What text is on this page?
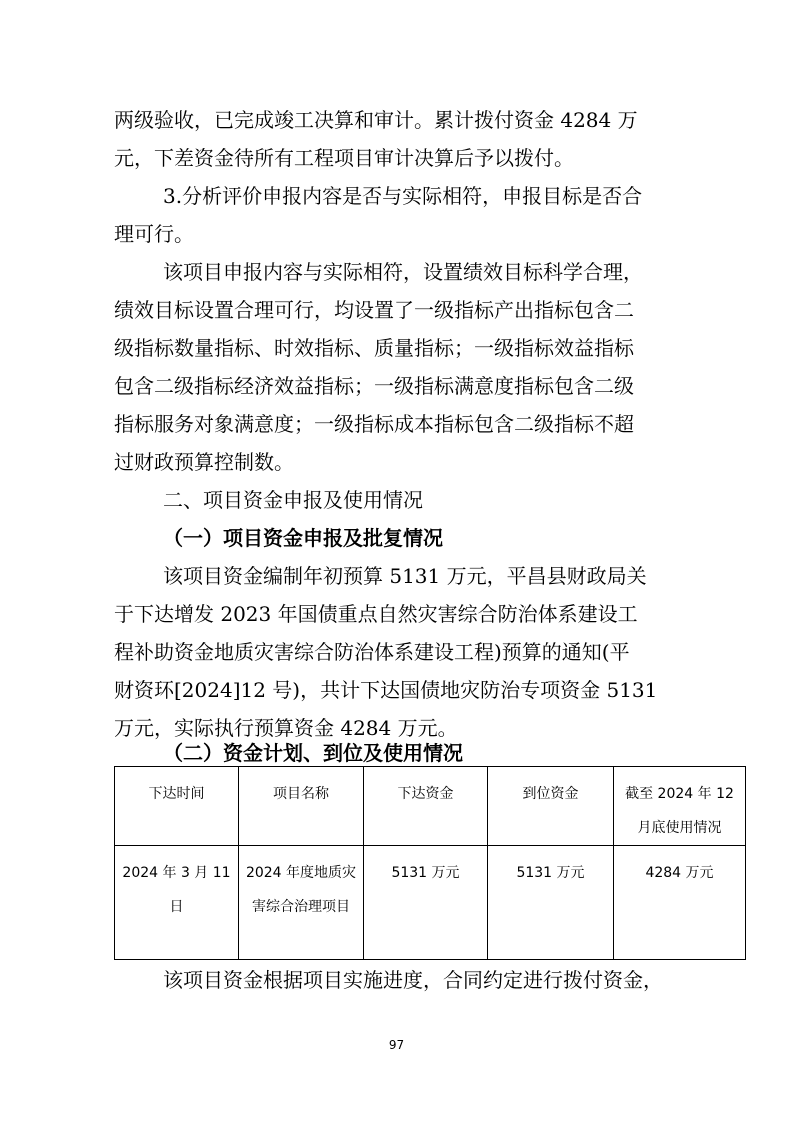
两级验收，已完成竣工决算和审计。累计拨付资金 4284 万
元，下差资金待所有工程项目审计决算后予以拨付。
3.分析评价申报内容是否与实际相符，申报目标是否合
理可行。
该项目申报内容与实际相符，设置绩效目标科学合理，
绩效目标设置合理可行，均设置了一级指标产出指标包含二
级指标数量指标、时效指标、质量指标；一级指标效益指标
包含二级指标经济效益指标；一级指标满意度指标包含二级
指标服务对象满意度；一级指标成本指标包含二级指标不超
过财政预算控制数。
二、项目资金申报及使用情况
（一）项目资金申报及批复情况
该项目资金编制年初预算 5131 万元，平昌县财政局关
于下达增发 2023 年国债重点自然灾害综合防治体系建设工
程补助资金地质灾害综合防治体系建设工程)预算的通知(平
财资环[2024]12 号)，共计下达国债地灾防治专项资金 5131
万元，实际执行预算资金 4284 万元。
（二）资金计划、到位及使用情况
下达时间	项目名称	下达资金	到位资金	截至 2024 年 12 月底使用情况
2024 年 3 月 11 日	2024 年度地质灾害综合治理项目	5131 万元	5131 万元	4284 万元
该项目资金根据项目实施进度，合同约定进行拨付资金，
97
